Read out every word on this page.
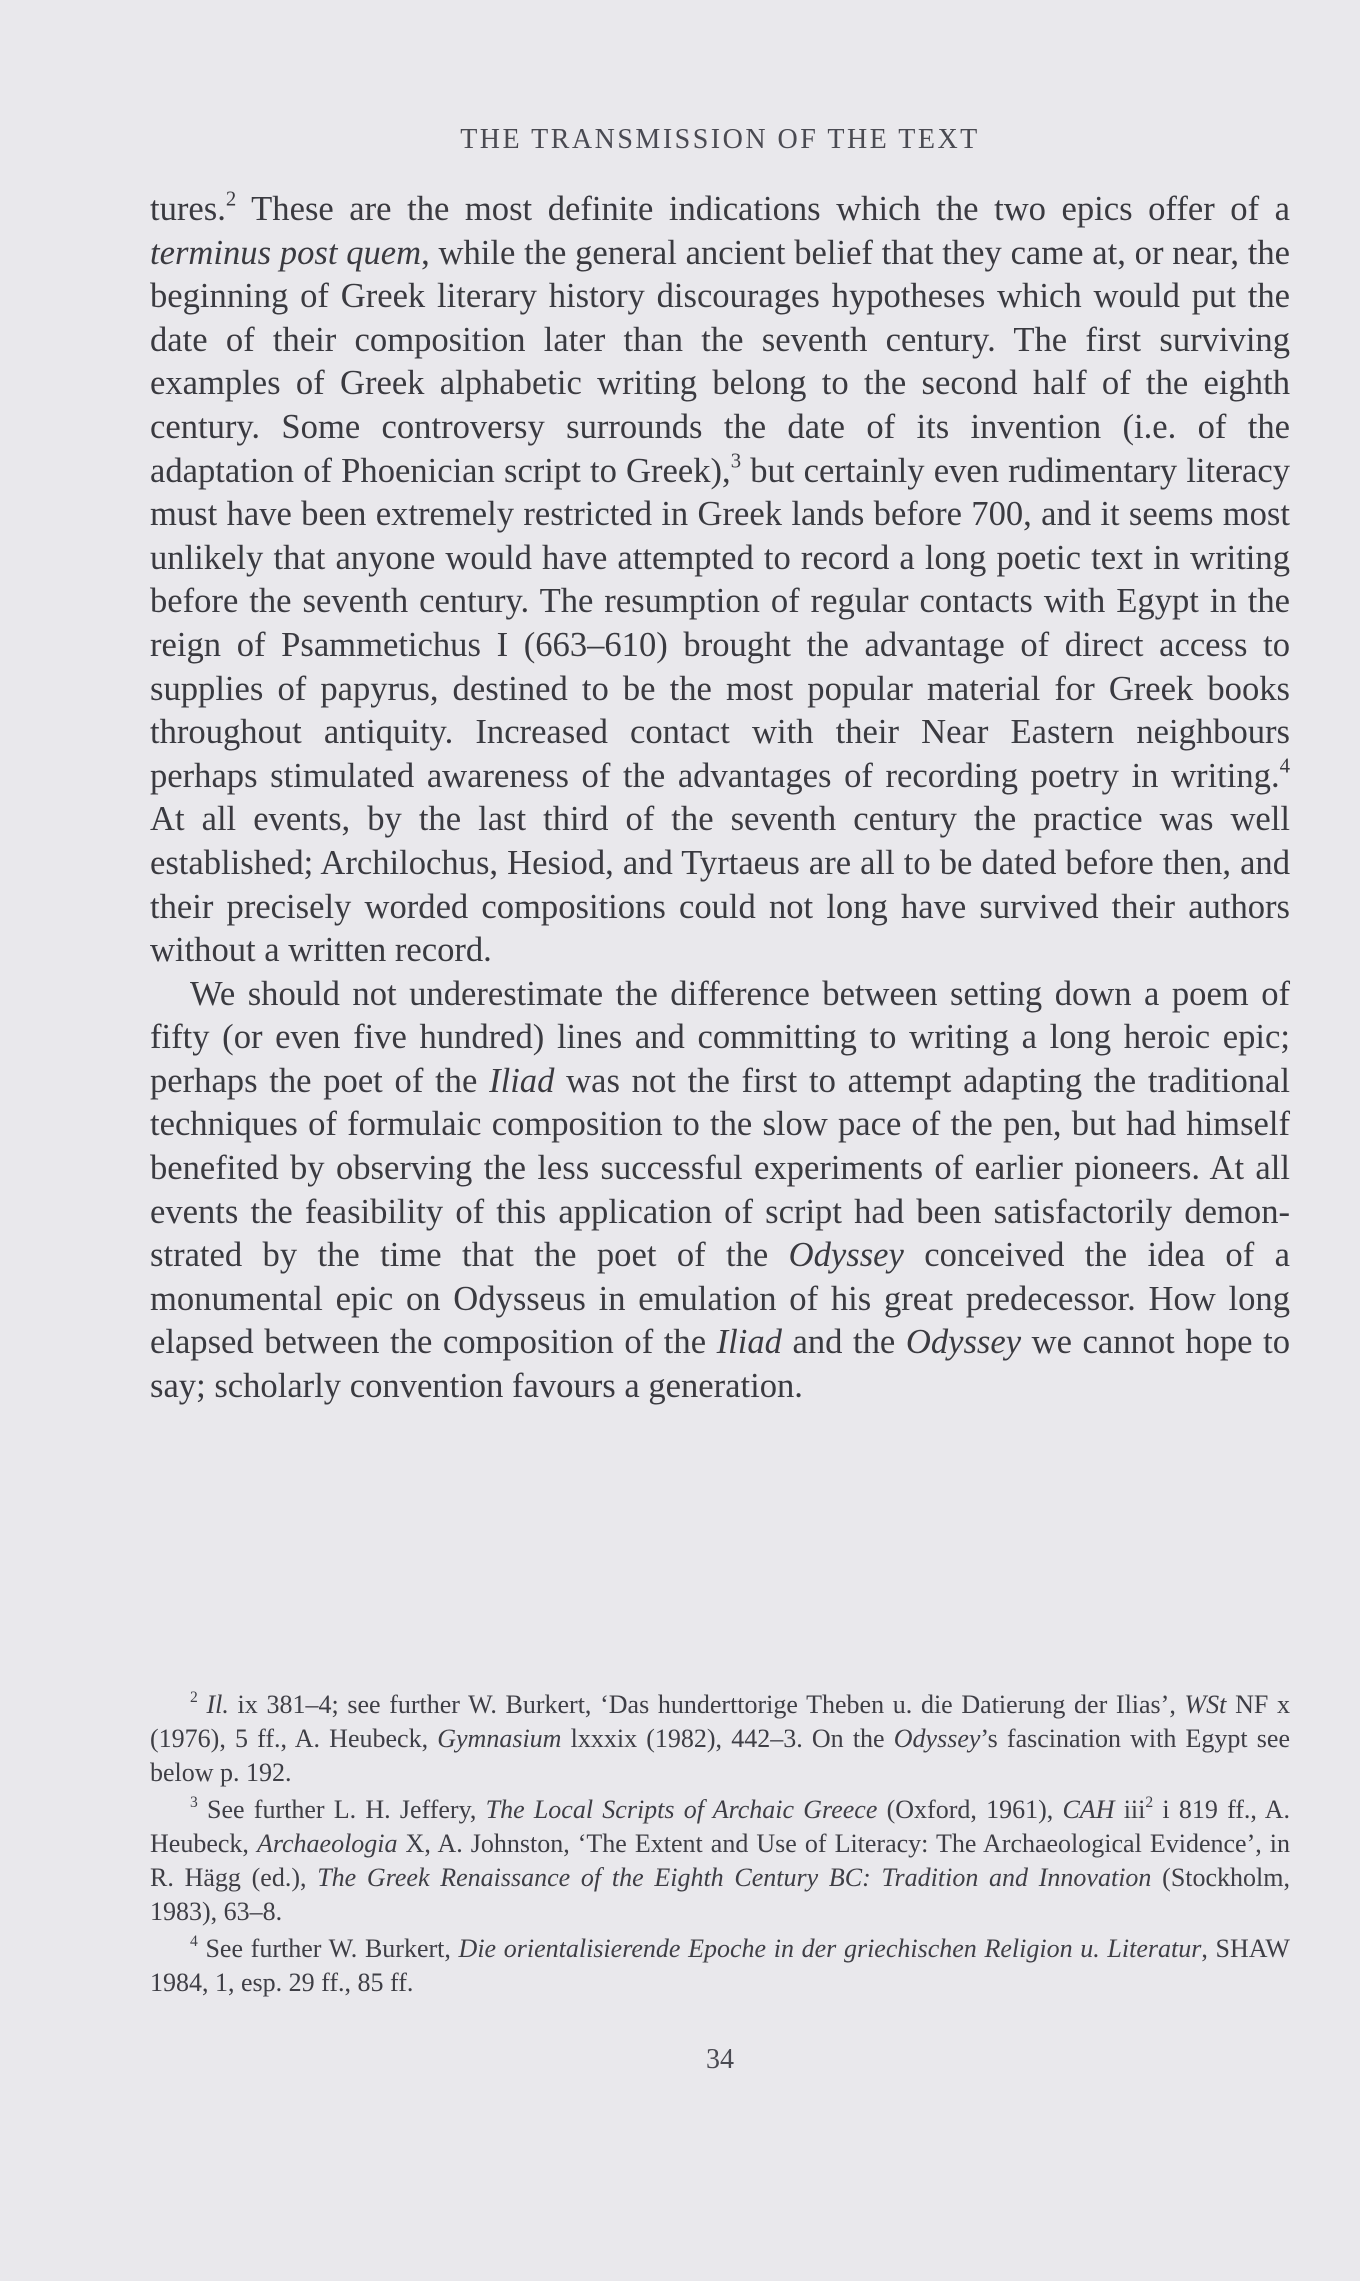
THE TRANSMISSION OF THE TEXT

tures.$^2$ These are the most definite indications which the two epics offer of a terminus post quem, while the general ancient belief that they came at, or near, the beginning of Greek literary history discourages hypotheses which would put the date of their composition later than the seventh century. The first surviving examples of Greek alphabetic writing belong to the second half of the eighth century. Some controversy surrounds the date of its invention (i.e. of the adaptation of Phoenician script to Greek),$^3$ but certainly even rudimentary literacy must have been extremely restricted in Greek lands before 700, and it seems most unlikely that anyone would have attempted to record a long poetic text in writing before the seventh century. The resumption of regular contacts with Egypt in the reign of Psammetichus I (663–610) brought the advantage of direct access to supplies of papyrus, destined to be the most popular material for Greek books throughout antiquity. Increased contact with their Near Eastern neighbours perhaps stimulated awareness of the advantages of recording poetry in writing.$^4$ At all events, by the last third of the seventh century the practice was well established; Archilochus, Hesiod, and Tyrtaeus are all to be dated before then, and their precisely worded compositions could not long have survived their authors without a written record.

We should not underestimate the difference between setting down a poem of fifty (or even five hundred) lines and committing to writing a long heroic epic; perhaps the poet of the Iliad was not the first to attempt adapting the traditional techniques of formulaic composition to the slow pace of the pen, but had himself benefited by observing the less successful experiments of earlier pioneers. At all events the feasibility of this application of script had been satisfactorily demonstrated by the time that the poet of the Odyssey conceived the idea of a monumental epic on Odysseus in emulation of his great predecessor. How long elapsed between the composition of the Iliad and the Odyssey we cannot hope to say; scholarly convention favours a generation.

$^2$ Il. ix 381–4; see further W. Burkert, ‘Das hunderttorige Theben u. die Datierung der Ilias’, WSt NF x (1976), 5 ff., A. Heubeck, Gymnasium lxxxix (1982), 442–3. On the Odyssey’s fascination with Egypt see below p. 192.

$^3$ See further L. H. Jeffery, The Local Scripts of Archaic Greece (Oxford, 1961), CAH iii$^2$ i 819 ff., A. Heubeck, Archaeologia X, A. Johnston, ‘The Extent and Use of Literacy: The Archaeological Evidence’, in R. Hägg (ed.), The Greek Renaissance of the Eighth Century BC: Tradition and Innovation (Stockholm, 1983), 63–8.

$^4$ See further W. Burkert, Die orientalisierende Epoche in der griechischen Religion u. Literatur, SHAW 1984, 1, esp. 29 ff., 85 ff.

34
